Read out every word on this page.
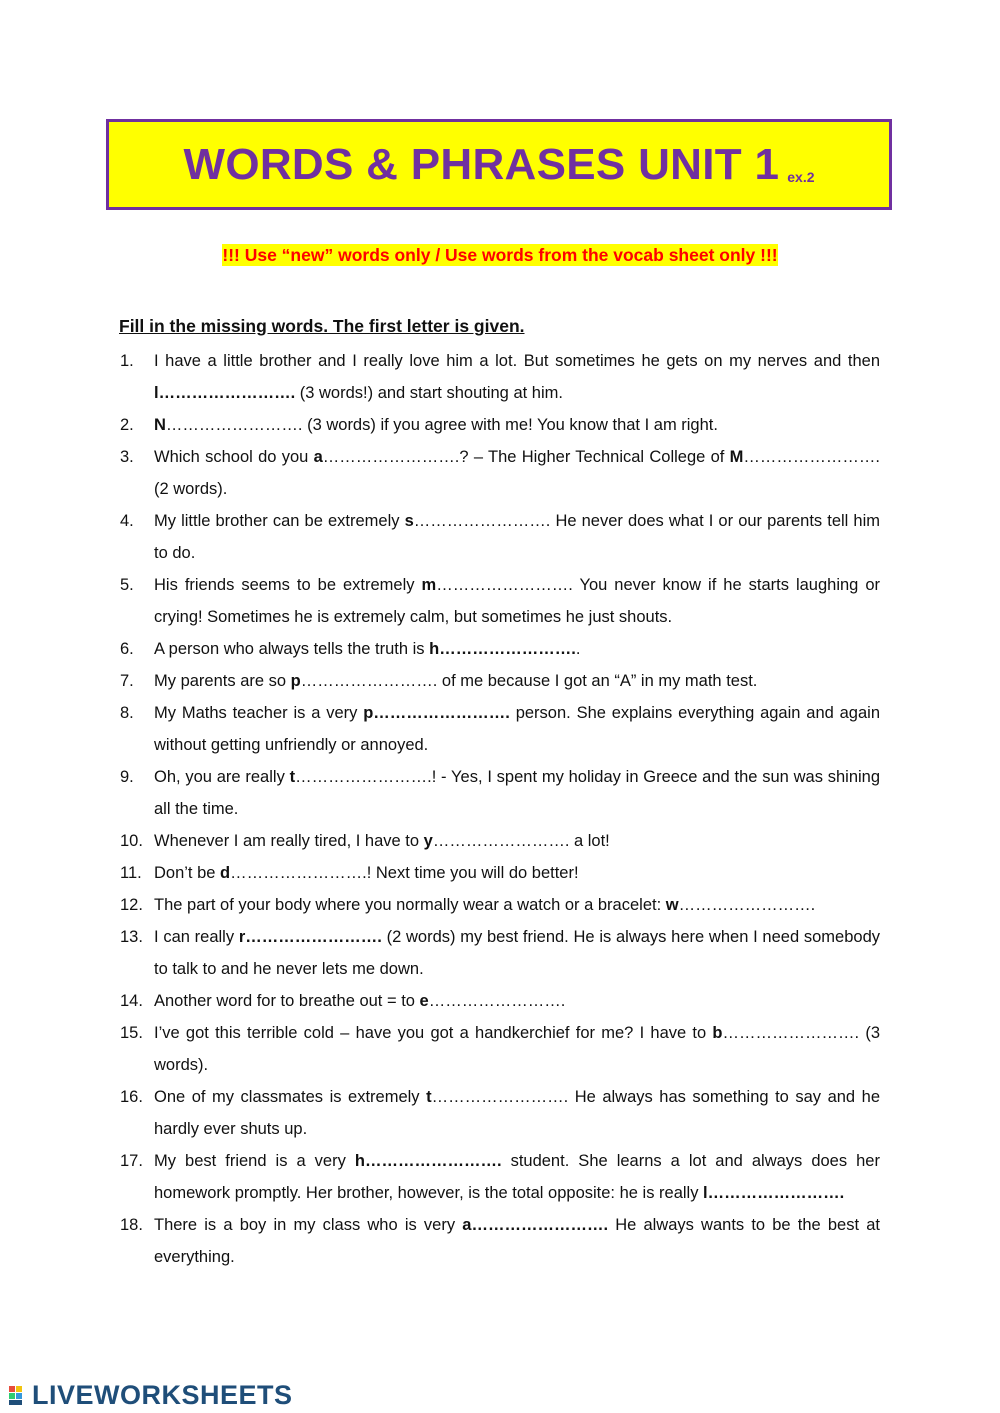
WORDS & PHRASES UNIT 1 ex.2
!!! Use “new” words only / Use words from the vocab sheet only !!!
Fill in the missing words. The first letter is given.
1. I have a little brother and I really love him a lot. But sometimes he gets on my nerves and then l……………………. (3 words!) and start shouting at him.
2. N……………………. (3 words) if you agree with me! You know that I am right.
3. Which school do you a…………………….? – The Higher Technical College of M……………………. (2 words).
4. My little brother can be extremely s……………………. He never does what I or our parents tell him to do.
5. His friends seems to be extremely m……………………. You never know if he starts laughing or crying! Sometimes he is extremely calm, but sometimes he just shouts.
6. A person who always tells the truth is h……………………..
7. My parents are so p……………………. of me because I got an “A” in my math test.
8. My Maths teacher is a very p……………………. person. She explains everything again and again without getting unfriendly or annoyed.
9. Oh, you are really t…………………….! - Yes, I spent my holiday in Greece and the sun was shining all the time.
10. Whenever I am really tired, I have to y……………………. a lot!
11. Don’t be d…………………….! Next time you will do better!
12. The part of your body where you normally wear a watch or a bracelet: w…………………….
13. I can really r……………………. (2 words) my best friend. He is always here when I need somebody to talk to and he never lets me down.
14. Another word for to breathe out = to e…………………….
15. I’ve got this terrible cold – have you got a handkerchief for me? I have to b……………………. (3 words).
16. One of my classmates is extremely t……………………. He always has something to say and he hardly ever shuts up.
17. My best friend is a very h……………………. student. She learns a lot and always does her homework promptly. Her brother, however, is the total opposite: he is really l…………………….
18. There is a boy in my class who is very a……………………. He always wants to be the best at everything.
LIVEWORKSHEETS
